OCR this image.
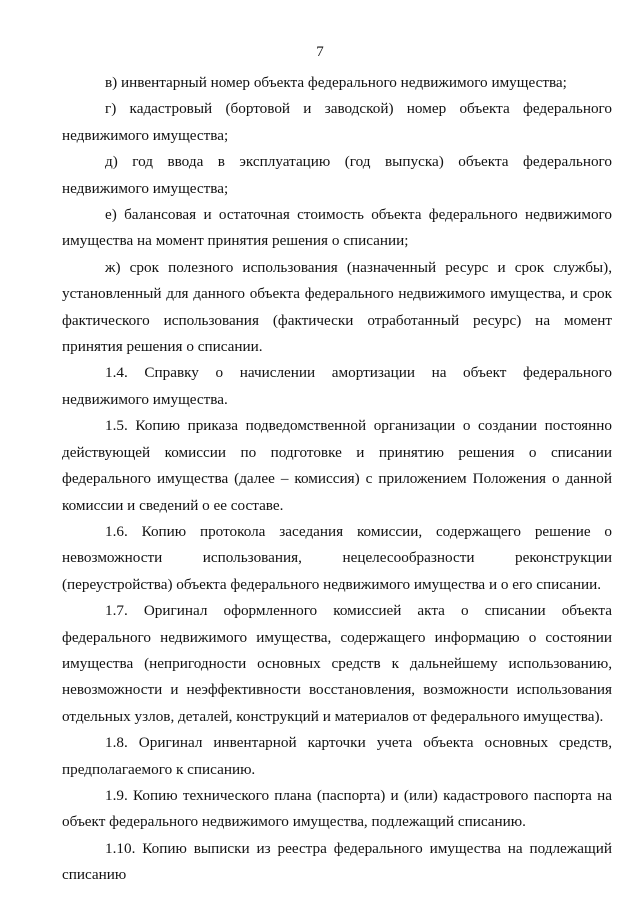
7

в) инвентарный номер объекта федерального недвижимого имущества;

г) кадастровый (бортовой и заводской) номер объекта федерального недвижимого имущества;

д) год ввода в эксплуатацию (год выпуска) объекта федерального недвижимого имущества;

е) балансовая и остаточная стоимость объекта федерального недвижимого имущества на момент принятия решения о списании;

ж) срок полезного использования (назначенный ресурс и срок службы), установленный для данного объекта федерального недвижимого имущества, и срок фактического использования (фактически отработанный ресурс) на момент принятия решения о списании.

1.4. Справку о начислении амортизации на объект федерального недвижимого имущества.

1.5. Копию приказа подведомственной организации о создании постоянно действующей комиссии по подготовке и принятию решения о списании федерального имущества (далее – комиссия) с приложением Положения о данной комиссии и сведений о ее составе.

1.6. Копию протокола заседания комиссии, содержащего решение о невозможности использования, нецелесообразности реконструкции (переустройства) объекта федерального недвижимого имущества и о его списании.

1.7. Оригинал оформленного комиссией акта о списании объекта федерального недвижимого имущества, содержащего информацию о состоянии имущества (непригодности основных средств к дальнейшему использованию, невозможности и неэффективности восстановления, возможности использования отдельных узлов, деталей, конструкций и материалов от федерального имущества).

1.8. Оригинал инвентарной карточки учета объекта основных средств, предполагаемого к списанию.

1.9. Копию технического плана (паспорта) и (или) кадастрового паспорта на объект федерального недвижимого имущества, подлежащий списанию.

1.10. Копию выписки из реестра федерального имущества на подлежащий списанию
